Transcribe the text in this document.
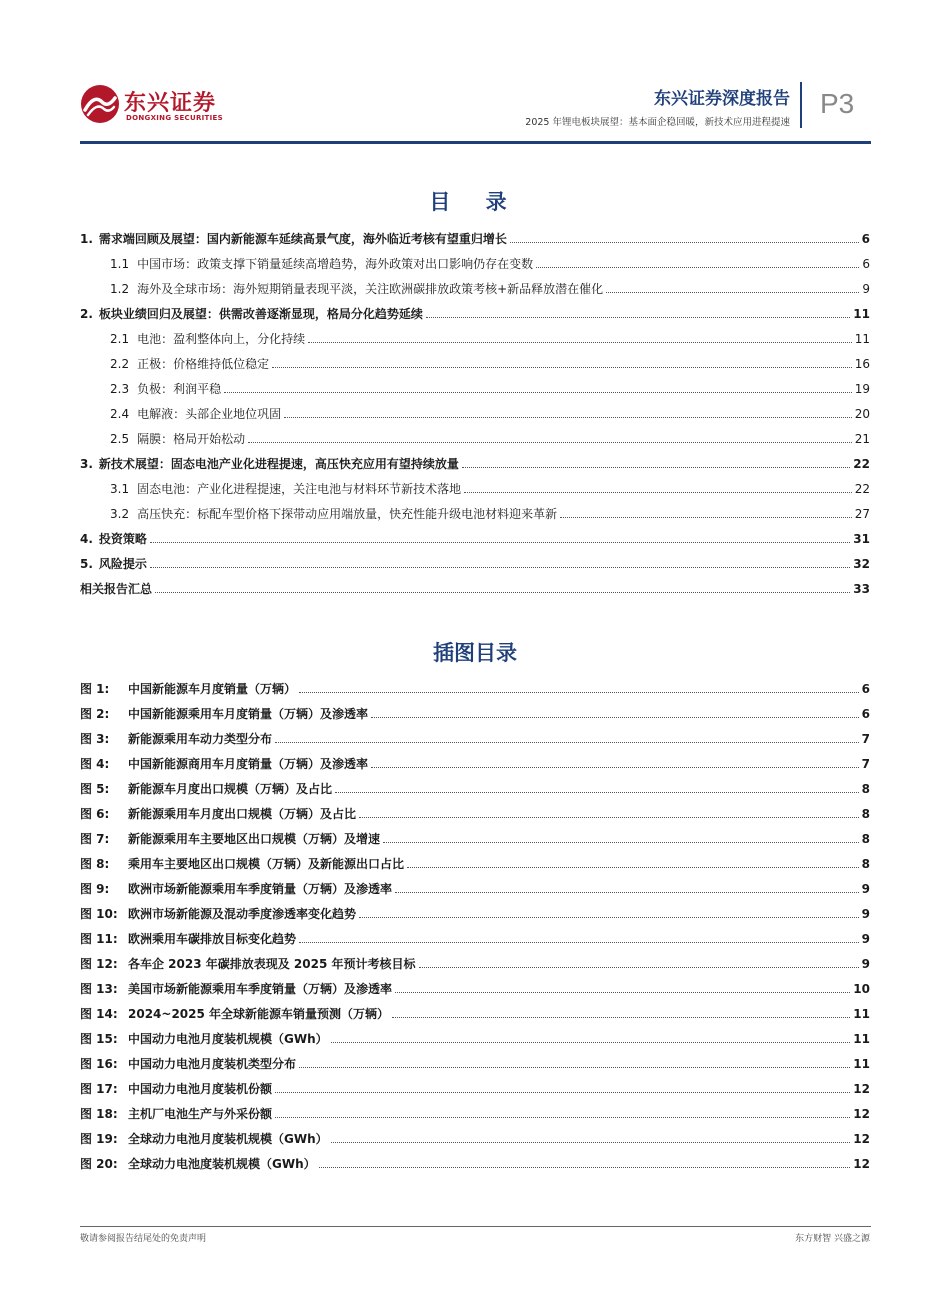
东兴证券
DONGXING SECURITIES
东兴证券深度报告
2025 年锂电板块展望：基本面企稳回暖，新技术应用进程提速
P3
目 录
1. 需求端回顾及展望：国内新能源车延续高景气度，海外临近考核有望重归增长	6
1.1 中国市场：政策支撑下销量延续高增趋势，海外政策对出口影响仍存在变数	6
1.2 海外及全球市场：海外短期销量表现平淡，关注欧洲碳排放政策考核+新品释放潜在催化	9
2. 板块业绩回归及展望：供需改善逐渐显现，格局分化趋势延续	11
2.1 电池：盈利整体向上，分化持续	11
2.2 正极：价格维持低位稳定	16
2.3 负极：利润平稳	19
2.4 电解液：头部企业地位巩固	20
2.5 隔膜：格局开始松动	21
3. 新技术展望：固态电池产业化进程提速，高压快充应用有望持续放量	22
3.1 固态电池：产业化进程提速，关注电池与材料环节新技术落地	22
3.2 高压快充：标配车型价格下探带动应用端放量，快充性能升级电池材料迎来革新	27
4. 投资策略	31
5. 风险提示	32
相关报告汇总	33
插图目录
图 1:	中国新能源车月度销量（万辆）	6
图 2:	中国新能源乘用车月度销量（万辆）及渗透率	6
图 3:	新能源乘用车动力类型分布	7
图 4:	中国新能源商用车月度销量（万辆）及渗透率	7
图 5:	新能源车月度出口规模（万辆）及占比	8
图 6:	新能源乘用车月度出口规模（万辆）及占比	8
图 7:	新能源乘用车主要地区出口规模（万辆）及增速	8
图 8:	乘用车主要地区出口规模（万辆）及新能源出口占比	8
图 9:	欧洲市场新能源乘用车季度销量（万辆）及渗透率	9
图 10: 欧洲市场新能源及混动季度渗透率变化趋势	9
图 11: 欧洲乘用车碳排放目标变化趋势	9
图 12: 各车企 2023 年碳排放表现及 2025 年预计考核目标	9
图 13: 美国市场新能源乘用车季度销量（万辆）及渗透率	10
图 14: 2024~2025 年全球新能源车销量预测（万辆）	11
图 15: 中国动力电池月度装机规模（GWh）	11
图 16: 中国动力电池月度装机类型分布	11
图 17: 中国动力电池月度装机份额	12
图 18: 主机厂电池生产与外采份额	12
图 19: 全球动力电池月度装机规模（GWh）	12
图 20: 全球动力电池度装机规模（GWh）	12
敬请参阅报告结尾处的免责声明	东方财智 兴盛之源
